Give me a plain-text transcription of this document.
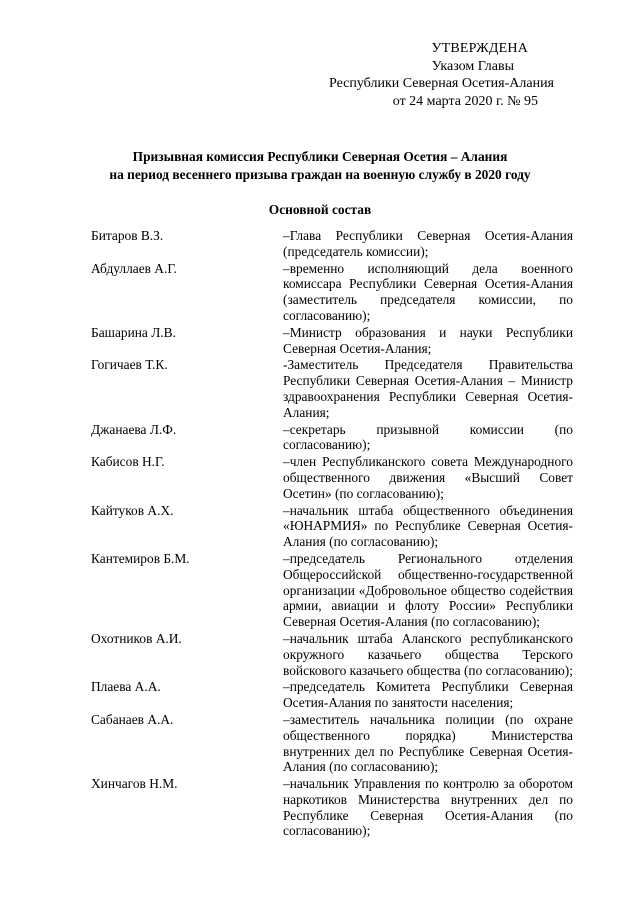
УТВЕРЖДЕНА
Указом Главы
Республики Северная Осетия-Алания
от 24 марта 2020 г. № 95
Призывная комиссия Республики Северная Осетия – Алания
на период весеннего призыва граждан на военную службу в 2020 году
Основной состав
Битаров В.З.	–Глава Республики Северная Осетия-Алания (председатель комиссии);
Абдуллаев А.Г.	–временно исполняющий дела военного комиссара Республики Северная Осетия-Алания (заместитель председателя комиссии, по согласованию);
Башарина Л.В.	–Министр образования и науки Республики Северная Осетия-Алания;
Гогичаев Т.К.	-Заместитель Председателя Правительства Республики Северная Осетия-Алания – Министр здравоохранения Республики Северная Осетия-Алания;
Джанаева Л.Ф.	–секретарь призывной комиссии (по согласованию);
Кабисов Н.Г.	–член Республиканского совета Международного общественного движения «Высший Совет Осетин» (по согласованию);
Кайтуков А.Х.	–начальник штаба общественного объединения «ЮНАРМИЯ» по Республике Северная Осетия-Алания (по согласованию);
Кантемиров Б.М.	–председатель Регионального отделения Общероссийской общественно-государственной организации «Добровольное общество содействия армии, авиации и флоту России» Республики Северная Осетия-Алания (по согласованию);
Охотников А.И.	–начальник штаба Аланского республиканского окружного казачьего общества Терского войскового казачьего общества (по согласованию);
Плаева А.А.	–председатель Комитета Республики Северная Осетия-Алания по занятости населения;
Сабанаев А.А.	–заместитель начальника полиции (по охране общественного порядка) Министерства внутренних дел по Республике Северная Осетия-Алания (по согласованию);
Хинчагов Н.М.	–начальник Управления по контролю за оборотом наркотиков Министерства внутренних дел по Республике Северная Осетия-Алания (по согласованию);
